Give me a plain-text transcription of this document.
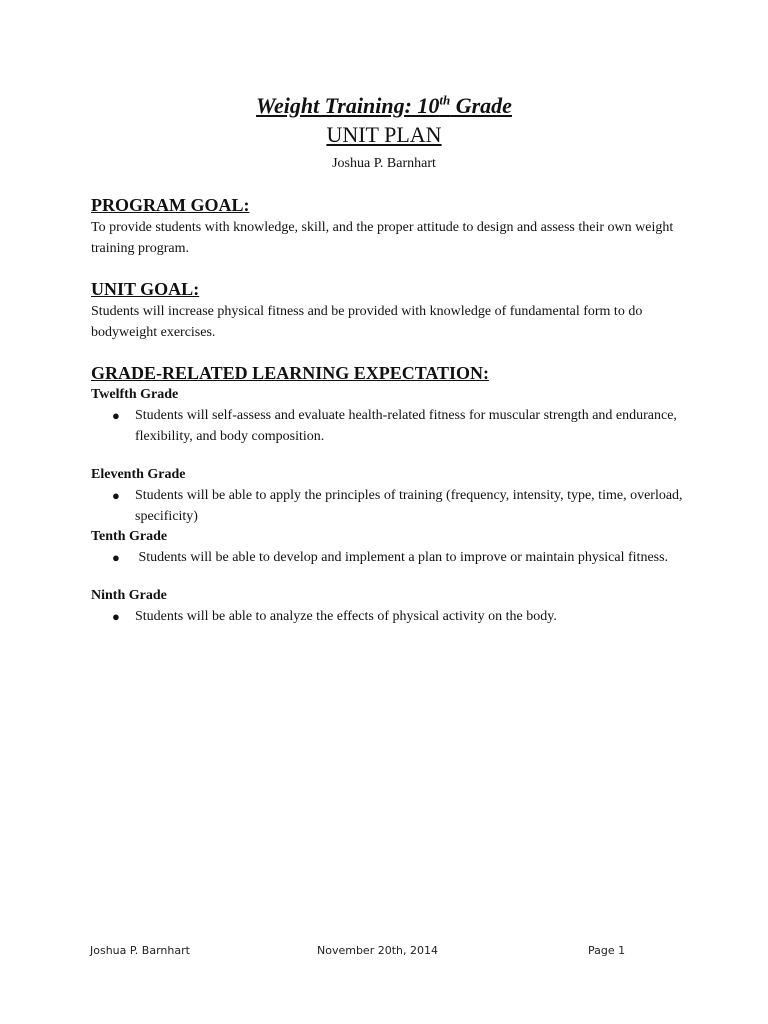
Weight Training: 10th Grade
UNIT PLAN
Joshua P. Barnhart
PROGRAM GOAL:

To provide students with knowledge, skill, and the proper attitude to design and assess their own weight training program.

UNIT GOAL:

Students will increase physical fitness and be provided with knowledge of fundamental form to do bodyweight exercises.

GRADE-RELATED LEARNING EXPECTATION:
Twelfth Grade
● Students will self-assess and evaluate health-related fitness for muscular strength and endurance, flexibility, and body composition.
Eleventh Grade
● Students will be able to apply the principles of training (frequency, intensity, type, time, overload, specificity)
Tenth Grade
● Students will be able to develop and implement a plan to improve or maintain physical fitness.
Ninth Grade
● Students will be able to analyze the effects of physical activity on the body.
Joshua P. Barnhart	November 20th, 2014	Page 1
